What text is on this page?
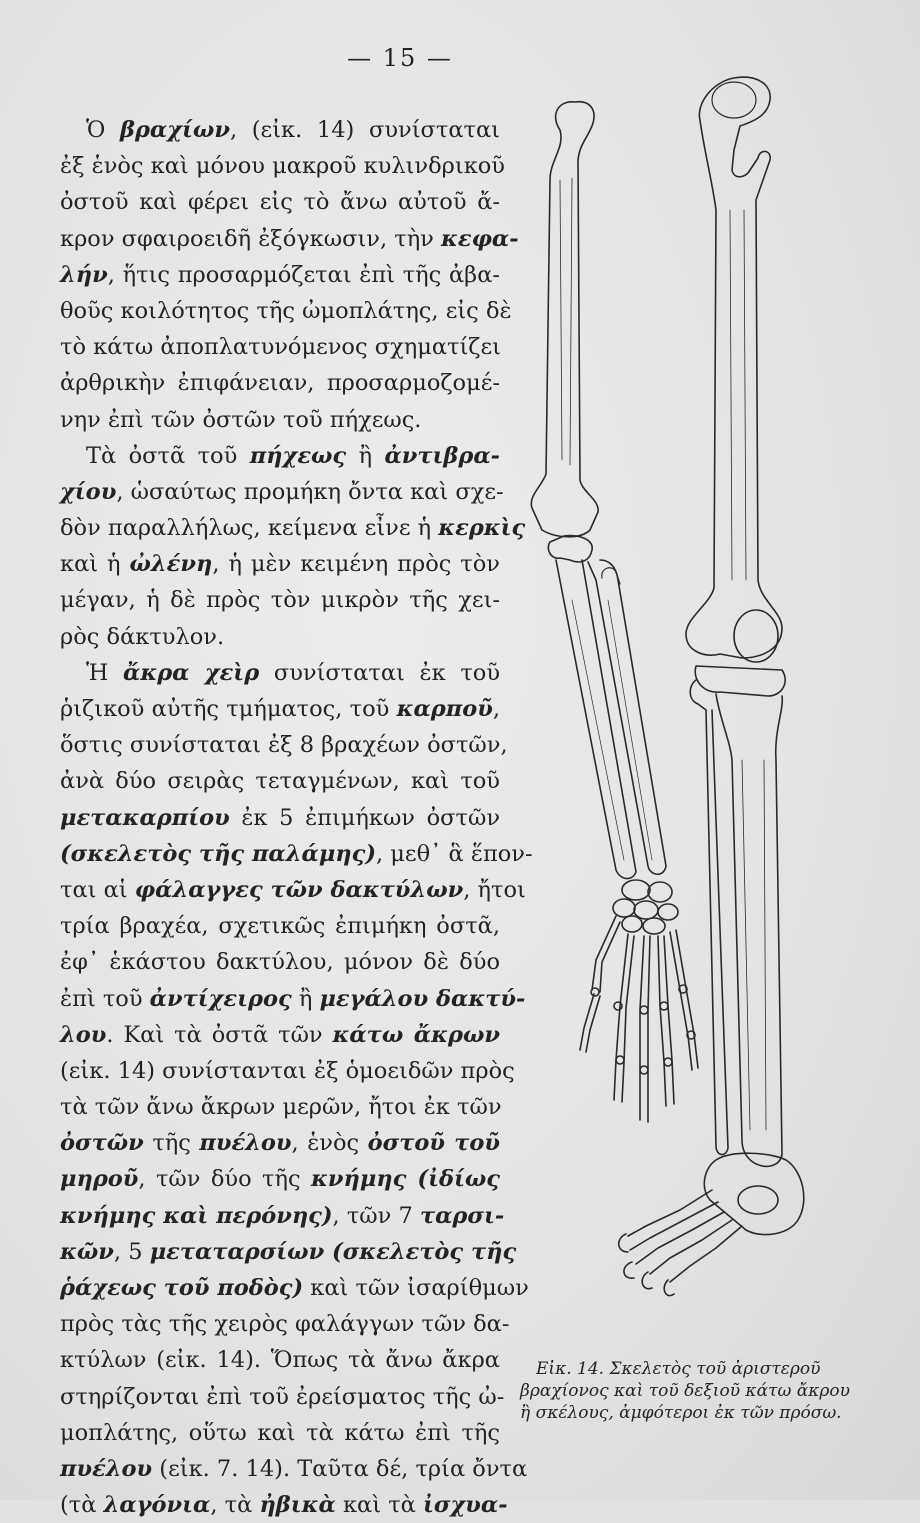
— 15 —
Ὁ βραχίων, (εἰκ. 14) συνίσταται
ἐξ ἑνὸς καὶ μόνου μακροῦ κυλινδρικοῦ
ὀστοῦ καὶ φέρει εἰς τὸ ἄνω αὐτοῦ ἄ-
κρον σφαιροειδῆ ἐξόγκωσιν, τὴν κεφα-
λήν, ἥτις προσαρμόζεται ἐπὶ τῆς ἀβα-
θοῦς κοιλότητος τῆς ὠμοπλάτης, εἰς δὲ
τὸ κάτω ἀποπλατυνόμενος σχηματίζει
ἀρθρικὴν ἐπιφάνειαν, προσαρμοζομέ-
νην ἐπὶ τῶν ὀστῶν τοῦ πήχεως.
Τὰ ὀστᾶ τοῦ πήχεως ἢ ἀντιβρα-
χίου, ὡσαύτως προμήκη ὄντα καὶ σχε-
δὸν παραλλήλως, κείμενα εἶνε ἡ κερκὶς
καὶ ἡ ὠλένη, ἡ μὲν κειμένη πρὸς τὸν
μέγαν, ἡ δὲ πρὸς τὸν μικρὸν τῆς χει-
ρὸς δάκτυλον.
Ἡ ἄκρα χεὶρ συνίσταται ἐκ τοῦ
ῥιζικοῦ αὐτῆς τμήματος, τοῦ καρποῦ,
ὅστις συνίσταται ἐξ 8 βραχέων ὀστῶν,
ἀνὰ δύο σειρὰς τεταγμένων, καὶ τοῦ
μετακαρπίου ἐκ 5 ἐπιμήκων ὀστῶν
(σκελετὸς τῆς παλάμης), μεθ᾽ ἃ ἕπον-
ται αἱ φάλαγγες τῶν δακτύλων, ἤτοι
τρία βραχέα, σχετικῶς ἐπιμήκη ὀστᾶ,
ἐφ᾽ ἑκάστου δακτύλου, μόνον δὲ δύο
ἐπὶ τοῦ ἀντίχειρος ἢ μεγάλου δακτύ-
λου. Καὶ τὰ ὀστᾶ τῶν κάτω ἄκρων
(εἰκ. 14) συνίστανται ἐξ ὁμοειδῶν πρὸς
τὰ τῶν ἄνω ἄκρων μερῶν, ἤτοι ἐκ τῶν
ὀστῶν τῆς πυέλου, ἑνὸς ὀστοῦ τοῦ
μηροῦ, τῶν δύο τῆς κνήμης (ἰδίως
κνήμης καὶ περόνης), τῶν 7 ταρσι-
κῶν, 5 μεταταρσίων (σκελετὸς τῆς
ῥάχεως τοῦ ποδὸς) καὶ τῶν ἰσαρίθμων
πρὸς τὰς τῆς χειρὸς φαλάγγων τῶν δα-
κτύλων (εἰκ. 14). Ὅπως τὰ ἄνω ἄκρα
στηρίζονται ἐπὶ τοῦ ἐρείσματος τῆς ὠ-
μοπλάτης, οὕτω καὶ τὰ κάτω ἐπὶ τῆς
πυέλου (εἰκ. 7. 14). Ταῦτα δέ, τρία ὄντα
(τὰ λαγόνια, τὰ ἠβικὰ καὶ τὰ ἰσχυα-
Εἰκ. 14. Σκελετὸς τοῦ ἀριστεροῦ
βραχίονος καὶ τοῦ δεξιοῦ κάτω ἄκρου
ἢ σκέλους, ἀμφότεροι ἐκ τῶν πρόσω.
